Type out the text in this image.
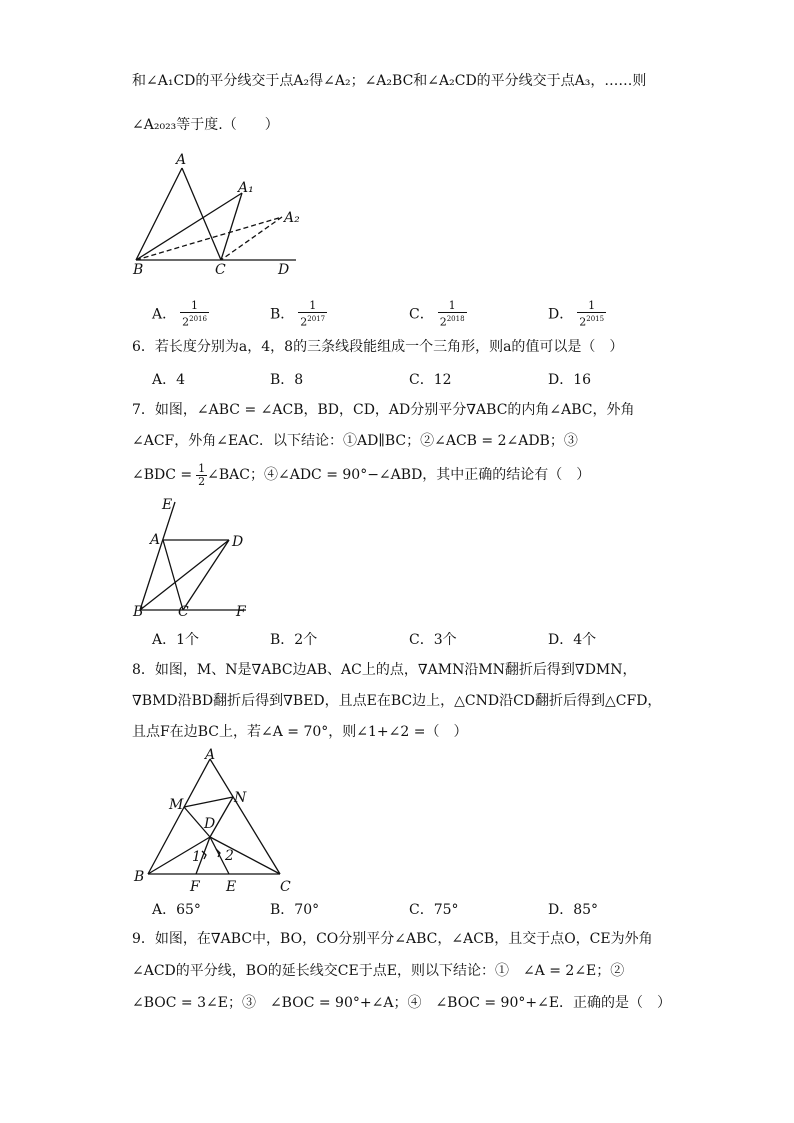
和∠A₁CD的平分线交于点A₂得∠A₂；∠A₂BC和∠A₂CD的平分线交于点A₃，……则
∠A₂₀₂₃等于度.（　　）
A
A₁
A₂
B	C	D
A． $\frac{1}{2^{2016}}$	B． $\frac{1}{2^{2017}}$	C． $\frac{1}{2^{2018}}$	D． $\frac{1}{2^{2015}}$
6．若长度分别为a，4，8的三条线段能组成一个三角形，则a的值可以是（　）
A．4	B．8	C．12	D．16
7．如图，∠ABC = ∠ACB，BD，CD，AD分别平分∇ABC的内角∠ABC，外角
∠ACF，外角∠EAC．以下结论：①AD∥BC；②∠ACB = 2∠ADB；③
∠BDC = $\frac{1}{2}$ ∠BAC；④∠ADC = 90°−∠ABD，其中正确的结论有（　）
E
A	D
B C	F
A．1个	B．2个	C．3个	D．4个
8．如图，M、N是∇ABC边AB、AC上的点，∇AMN沿MN翻折后得到∇DMN，
∇BMD沿BD翻折后得到∇BED，且点E在BC边上，△CND沿CD翻折后得到△CFD，
且点F在边BC上，若∠A = 70°，则∠1+∠2 =（　）
A
M	N
D
1 2
B
F E	C
A．65°	B．70°	C．75°	D．85°
9．如图，在∇ABC中，BO，CO分别平分∠ABC，∠ACB，且交于点O，CE为外角
∠ACD的平分线，BO的延长线交CE于点E，则以下结论：①　∠A = 2∠E；②
∠BOC = 3∠E；③　∠BOC = 90°+∠A；④　∠BOC = 90°+∠E．正确的是（　）
